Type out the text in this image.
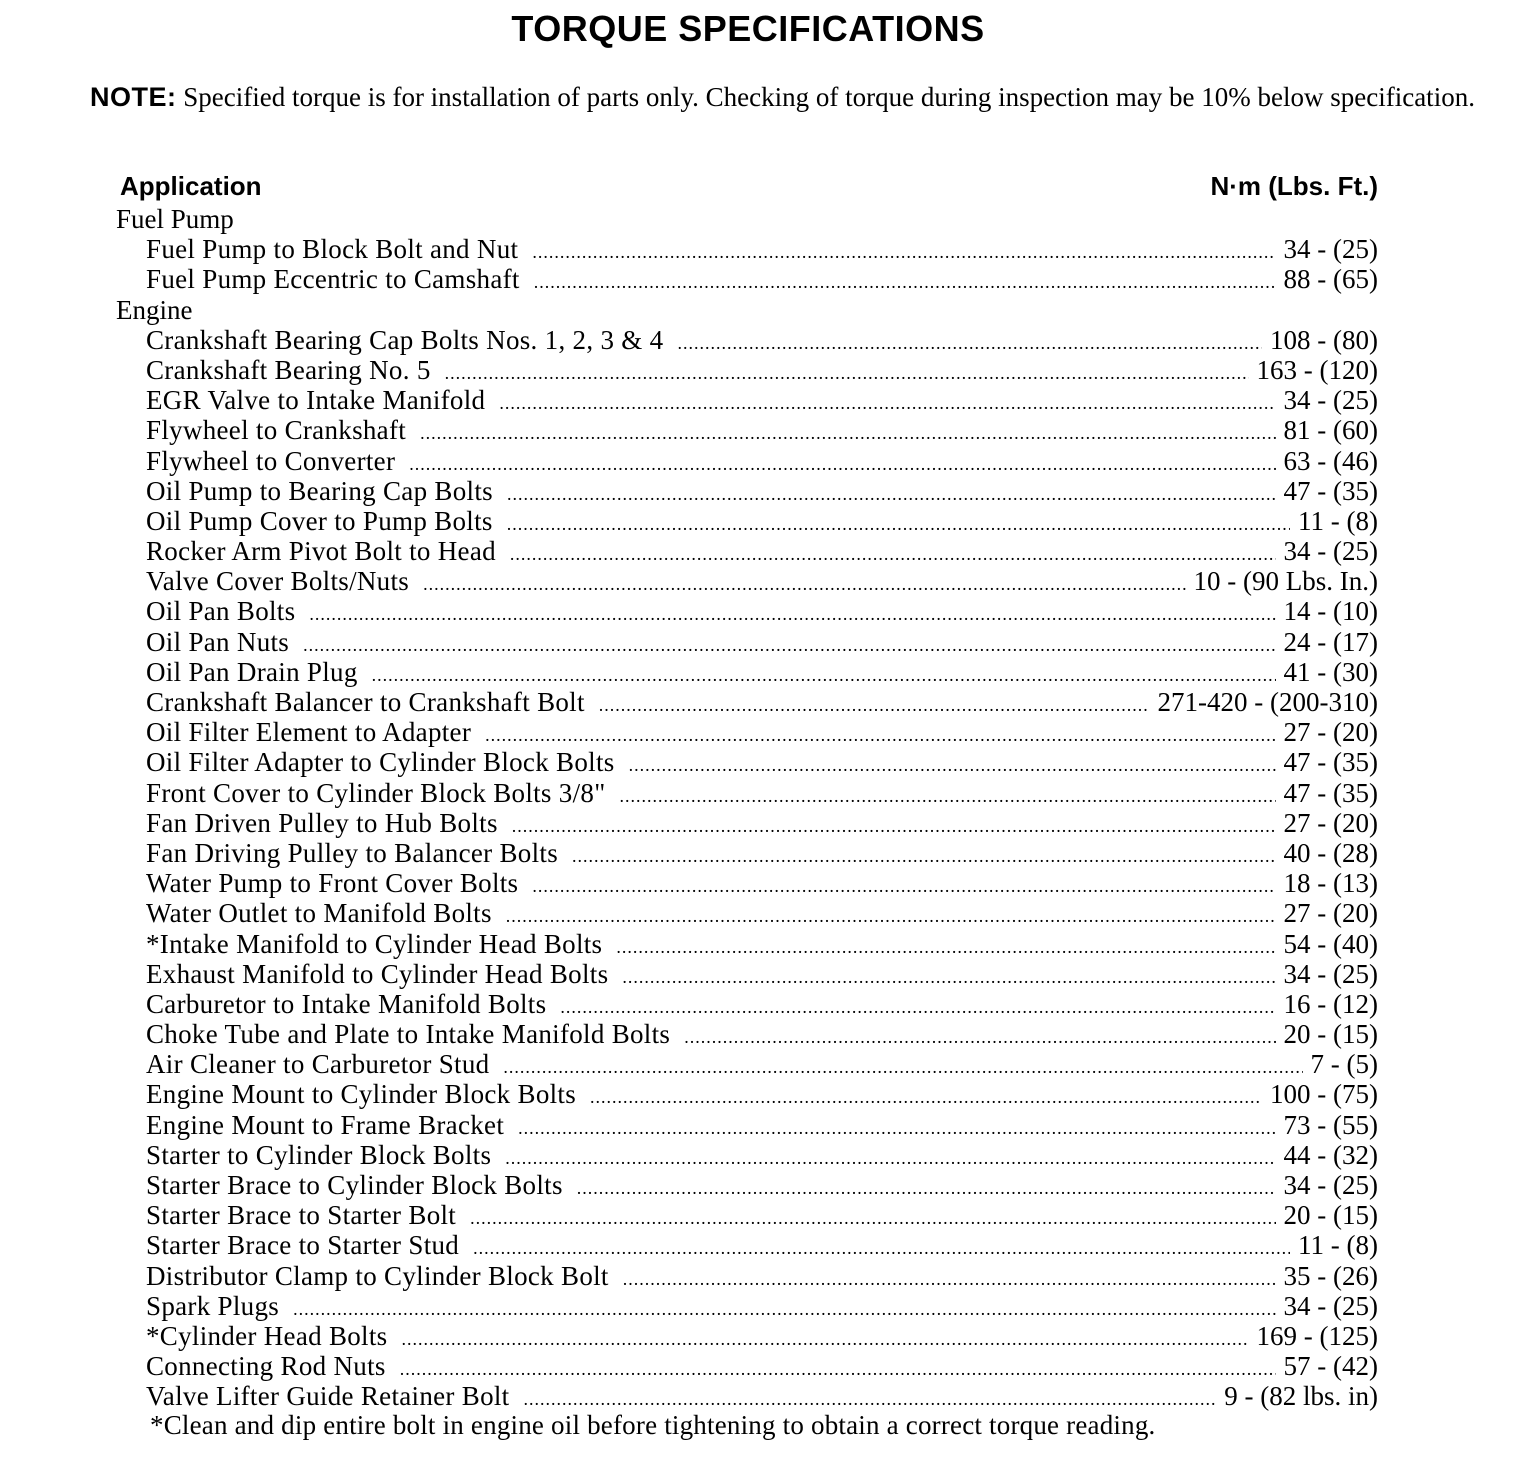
TORQUE SPECIFICATIONS
NOTE: Specified torque is for installation of parts only. Checking of torque during inspection may be 10% below specification.
Application	N·m (Lbs. Ft.)
Fuel Pump
Fuel Pump to Block Bolt and Nut .....	34 - (25)
Fuel Pump Eccentric to Camshaft .....	88 - (65)
Engine
Crankshaft Bearing Cap Bolts Nos. 1, 2, 3 & 4 .....	108 - (80)
Crankshaft Bearing No. 5 .....	163 - (120)
EGR Valve to Intake Manifold .....	34 - (25)
Flywheel to Crankshaft .....	81 - (60)
Flywheel to Converter .....	63 - (46)
Oil Pump to Bearing Cap Bolts .....	47 - (35)
Oil Pump Cover to Pump Bolts .....	11 - (8)
Rocker Arm Pivot Bolt to Head .....	34 - (25)
Valve Cover Bolts/Nuts .....	10 - (90 Lbs. In.)
Oil Pan Bolts .....	14 - (10)
Oil Pan Nuts .....	24 - (17)
Oil Pan Drain Plug .....	41 - (30)
Crankshaft Balancer to Crankshaft Bolt .....	271-420 - (200-310)
Oil Filter Element to Adapter .....	27 - (20)
Oil Filter Adapter to Cylinder Block Bolts .....	47 - (35)
Front Cover to Cylinder Block Bolts 3/8" .....	47 - (35)
Fan Driven Pulley to Hub Bolts .....	27 - (20)
Fan Driving Pulley to Balancer Bolts .....	40 - (28)
Water Pump to Front Cover Bolts .....	18 - (13)
Water Outlet to Manifold Bolts .....	27 - (20)
*Intake Manifold to Cylinder Head Bolts .....	54 - (40)
Exhaust Manifold to Cylinder Head Bolts .....	34 - (25)
Carburetor to Intake Manifold Bolts .....	16 - (12)
Choke Tube and Plate to Intake Manifold Bolts .....	20 - (15)
Air Cleaner to Carburetor Stud .....	7 - (5)
Engine Mount to Cylinder Block Bolts .....	100 - (75)
Engine Mount to Frame Bracket .....	73 - (55)
Starter to Cylinder Block Bolts .....	44 - (32)
Starter Brace to Cylinder Block Bolts .....	34 - (25)
Starter Brace to Starter Bolt .....	20 - (15)
Starter Brace to Starter Stud .....	11 - (8)
Distributor Clamp to Cylinder Block Bolt .....	35 - (26)
Spark Plugs .....	34 - (25)
*Cylinder Head Bolts .....	169 - (125)
Connecting Rod Nuts .....	57 - (42)
Valve Lifter Guide Retainer Bolt .....	9 - (82 lbs. in)
*Clean and dip entire bolt in engine oil before tightening to obtain a correct torque reading.
